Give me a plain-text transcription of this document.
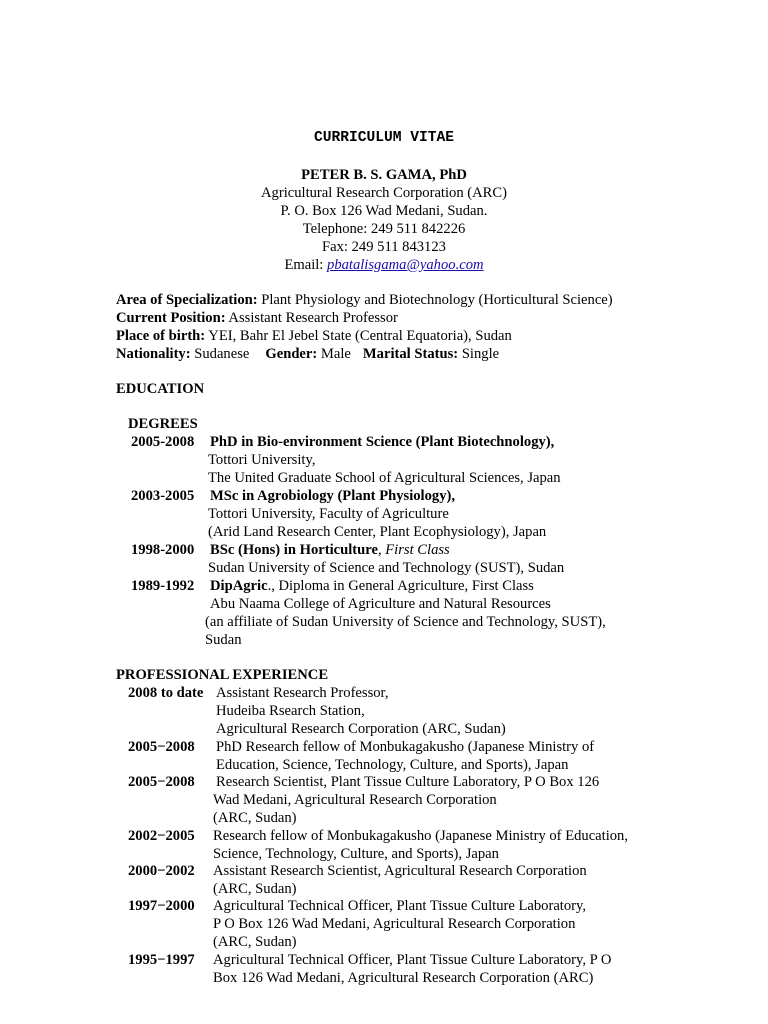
CURRICULUM VITAE
PETER B. S. GAMA, PhD
Agricultural Research Corporation (ARC)
P. O. Box 126 Wad Medani, Sudan.
Telephone: 249 511 842226
Fax: 249 511 843123
Email: pbatalisgama@yahoo.com
Area of Specialization: Plant Physiology and Biotechnology (Horticultural Science)
Current Position: Assistant Research Professor
Place of birth: YEI, Bahr El Jebel State (Central Equatoria), Sudan
Nationality: Sudanese Gender: Male Marital Status: Single
EDUCATION
DEGREES
2005-2008 PhD in Bio-environment Science (Plant Biotechnology),
Tottori University,
The United Graduate School of Agricultural Sciences, Japan
2003-2005 MSc in Agrobiology (Plant Physiology),
Tottori University, Faculty of Agriculture
(Arid Land Research Center, Plant Ecophysiology), Japan
1998-2000 BSc (Hons) in Horticulture, First Class
Sudan University of Science and Technology (SUST), Sudan
1989-1992 DipAgric., Diploma in General Agriculture, First Class
Abu Naama College of Agriculture and Natural Resources
(an affiliate of Sudan University of Science and Technology, SUST),
Sudan
PROFESSIONAL EXPERIENCE
2008 to date Assistant Research Professor,
Hudeiba Rsearch Station,
Agricultural Research Corporation (ARC, Sudan)
2005−2008 PhD Research fellow of Monbukagakusho (Japanese Ministry of
Education, Science, Technology, Culture, and Sports), Japan
2005−2008 Research Scientist, Plant Tissue Culture Laboratory, P O Box 126
Wad Medani, Agricultural Research Corporation
(ARC, Sudan)
2002−2005 Research fellow of Monbukagakusho (Japanese Ministry of Education,
Science, Technology, Culture, and Sports), Japan
2000−2002 Assistant Research Scientist, Agricultural Research Corporation
(ARC, Sudan)
1997−2000 Agricultural Technical Officer, Plant Tissue Culture Laboratory,
P O Box 126 Wad Medani, Agricultural Research Corporation
(ARC, Sudan)
1995−1997 Agricultural Technical Officer, Plant Tissue Culture Laboratory, P O
Box 126 Wad Medani, Agricultural Research Corporation (ARC)
